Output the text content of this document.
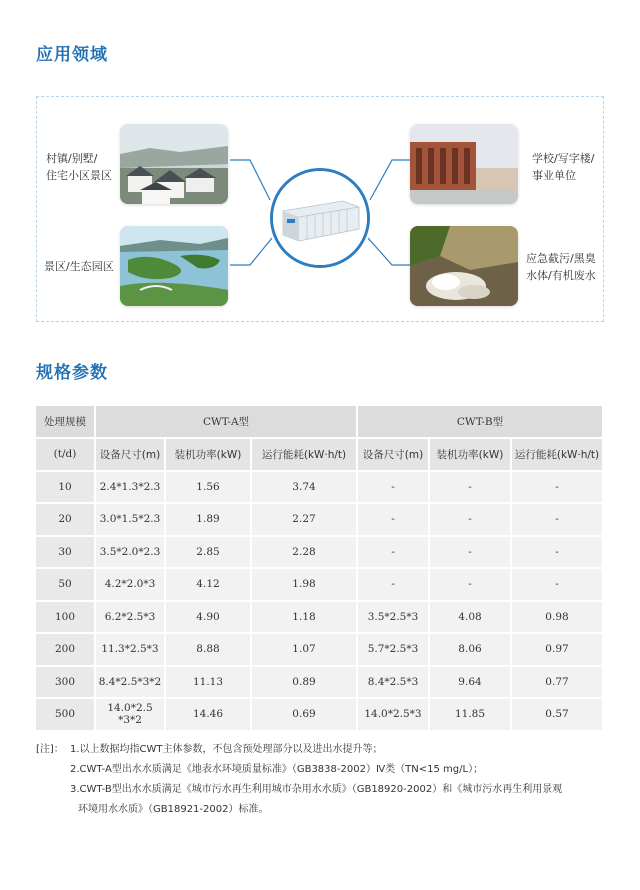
应用领域
村镇/别墅/
住宅小区景区
学校/写字楼/
事业单位
景区/生态园区
应急截污/黑臭
水体/有机废水
规格参数
处理规模	CWT-A型			CWT-B型		
(t/d)	设备尺寸(m)	装机功率(kW)	运行能耗(kW·h/t)	设备尺寸(m)	装机功率(kW)	运行能耗(kW·h/t)
10	2.4*1.3*2.3	1.56	3.74	-	-	-
20	3.0*1.5*2.3	1.89	2.27	-	-	-
30	3.5*2.0*2.3	2.85	2.28	-	-	-
50	4.2*2.0*3	4.12	1.98	-	-	-
100	6.2*2.5*3	4.90	1.18	3.5*2.5*3	4.08	0.98
200	11.3*2.5*3	8.88	1.07	5.7*2.5*3	8.06	0.97
300	8.4*2.5*3*2	11.13	0.89	8.4*2.5*3	9.64	0.77
500	14.0*2.5 *3*2	14.46	0.69	14.0*2.5*3	11.85	0.57
[注]： 1.以上数据均指CWT主体参数，不包含预处理部分以及进出水提升等；
2.CWT-A型出水水质满足《地表水环境质量标准》（GB3838-2002）Ⅳ类（TN<15 mg/L）；
3.CWT-B型出水水质满足《城市污水再生利用城市杂用水水质》（GB18920-2002）和《城市污水再生利用景观
环境用水水质》（GB18921-2002）标准。
